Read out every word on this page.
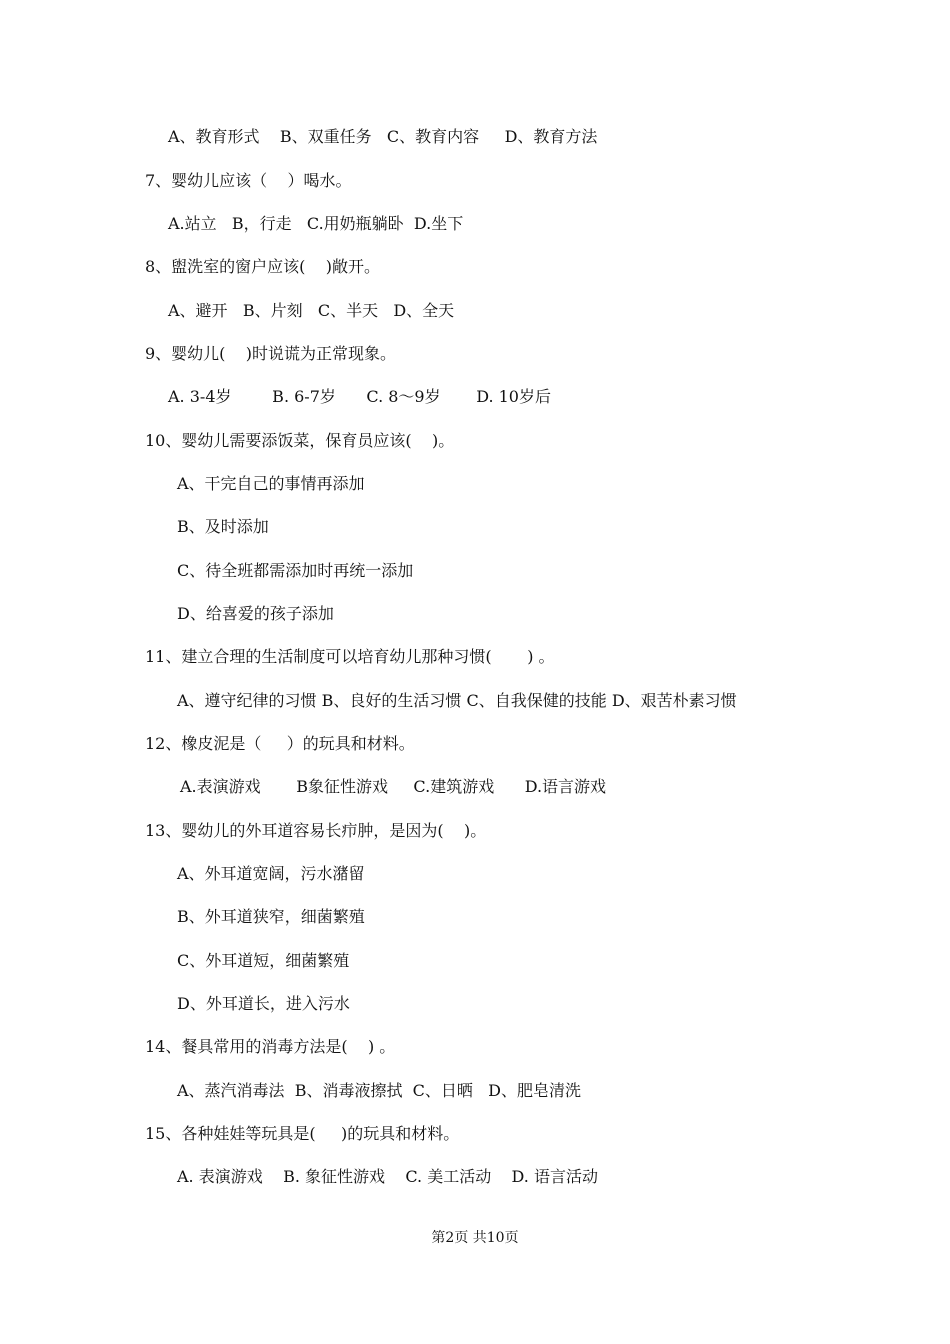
A、教育形式    B、双重任务   C、教育内容     D、教育方法
7、婴幼儿应该（    ）喝水。
A.站立   B，行走   C.用奶瓶躺卧  D.坐下
8、盥洗室的窗户应该(    )敞开。
A、避开   B、片刻   C、半天   D、全天
9、婴幼儿(    )时说谎为正常现象。
A. 3-4岁        B. 6-7岁      C. 8～9岁       D. 10岁后
10、婴幼儿需要添饭菜，保育员应该(    )。
A、干完自己的事情再添加
B、及时添加
C、待全班都需添加时再统一添加
D、给喜爱的孩子添加
11、建立合理的生活制度可以培育幼儿那种习惯(       ) 。
A、遵守纪律的习惯 B、良好的生活习惯 C、自我保健的技能 D、艰苦朴素习惯
12、橡皮泥是（     ）的玩具和材料。
A.表演游戏       B象征性游戏     C.建筑游戏      D.语言游戏
13、婴幼儿的外耳道容易长疖肿，是因为(    )。
A、外耳道宽阔，污水潴留
B、外耳道狭窄，细菌繁殖
C、外耳道短，细菌繁殖
D、外耳道长，进入污水
14、餐具常用的消毒方法是(    ) 。
A、蒸汽消毒法  B、消毒液擦拭  C、日晒   D、肥皂清洗
15、各种娃娃等玩具是(     )的玩具和材料。
A. 表演游戏    B. 象征性游戏    C. 美工活动    D. 语言活动
第2页 共10页
